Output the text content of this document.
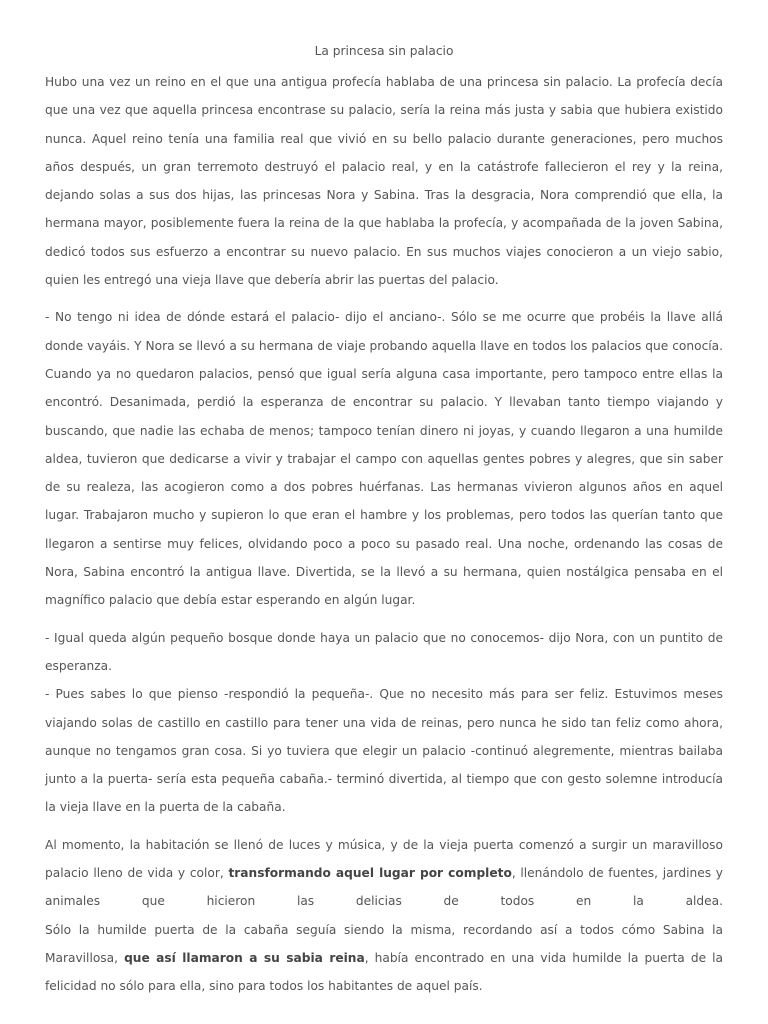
La princesa sin palacio

Hubo una vez un reino en el que una antigua profecía hablaba de una princesa sin palacio. La profecía decía que una vez que aquella princesa encontrase su palacio, sería la reina más justa y sabia que hubiera existido nunca. Aquel reino tenía una familia real que vivió en su bello palacio durante generaciones, pero muchos años después, un gran terremoto destruyó el palacio real, y en la catástrofe fallecieron el rey y la reina, dejando solas a sus dos hijas, las princesas Nora y Sabina. Tras la desgracia, Nora comprendió que ella, la hermana mayor, posiblemente fuera la reina de la que hablaba la profecía, y acompañada de la joven Sabina, dedicó todos sus esfuerzo a encontrar su nuevo palacio. En sus muchos viajes conocieron a un viejo sabio, quien les entregó una vieja llave que debería abrir las puertas del palacio.

- No tengo ni idea de dónde estará el palacio- dijo el anciano-. Sólo se me ocurre que probéis la llave allá donde vayáis. Y Nora se llevó a su hermana de viaje probando aquella llave en todos los palacios que conocía. Cuando ya no quedaron palacios, pensó que igual sería alguna casa importante, pero tampoco entre ellas la encontró. Desanimada, perdió la esperanza de encontrar su palacio. Y llevaban tanto tiempo viajando y buscando, que nadie las echaba de menos; tampoco tenían dinero ni joyas, y cuando llegaron a una humilde aldea, tuvieron que dedicarse a vivir y trabajar el campo con aquellas gentes pobres y alegres, que sin saber de su realeza, las acogieron como a dos pobres huérfanas. Las hermanas vivieron algunos años en aquel lugar. Trabajaron mucho y supieron lo que eran el hambre y los problemas, pero todos las querían tanto que llegaron a sentirse muy felices, olvidando poco a poco su pasado real. Una noche, ordenando las cosas de Nora, Sabina encontró la antigua llave. Divertida, se la llevó a su hermana, quien nostálgica pensaba en el magnífico palacio que debía estar esperando en algún lugar.

- Igual queda algún pequeño bosque donde haya un palacio que no conocemos- dijo Nora, con un puntito de esperanza.

- Pues sabes lo que pienso -respondió la pequeña-. Que no necesito más para ser feliz. Estuvimos meses viajando solas de castillo en castillo para tener una vida de reinas, pero nunca he sido tan feliz como ahora, aunque no tengamos gran cosa. Si yo tuviera que elegir un palacio -continuó alegremente, mientras bailaba junto a la puerta- sería esta pequeña cabaña.- terminó divertida, al tiempo que con gesto solemne introducía la vieja llave en la puerta de la cabaña.

Al momento, la habitación se llenó de luces y música, y de la vieja puerta comenzó a surgir un maravilloso palacio lleno de vida y color, transformando aquel lugar por completo, llenándolo de fuentes, jardines y animales que hicieron las delicias de todos en la aldea.

Sólo la humilde puerta de la cabaña seguía siendo la misma, recordando así a todos cómo Sabina la Maravillosa, que así llamaron a su sabia reina, había encontrado en una vida humilde la puerta de la felicidad no sólo para ella, sino para todos los habitantes de aquel país.
